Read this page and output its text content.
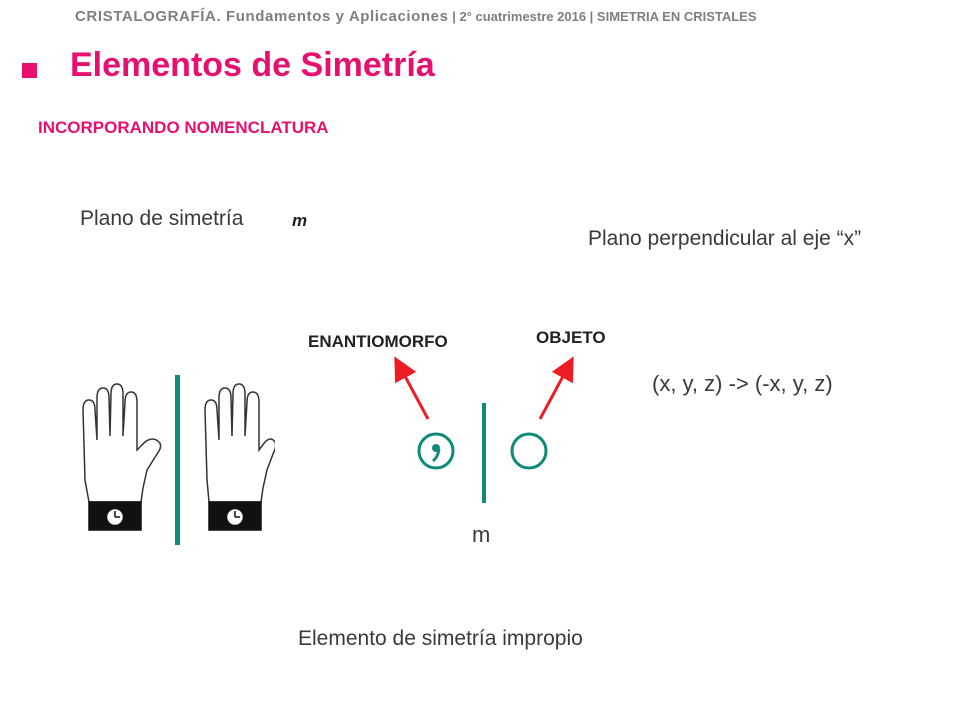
CRISTALOGRAFÍA. Fundamentos y Aplicaciones | 2° cuatrimestre 2016 | SIMETRIA EN CRISTALES
Elementos de Simetría
INCORPORANDO NOMENCLATURA
Plano de simetría	m
Plano perpendicular al eje “x”
ENANTIOMORFO	OBJETO
(x, y, z) -> (-x, y, z)
m
Elemento de simetría impropio
